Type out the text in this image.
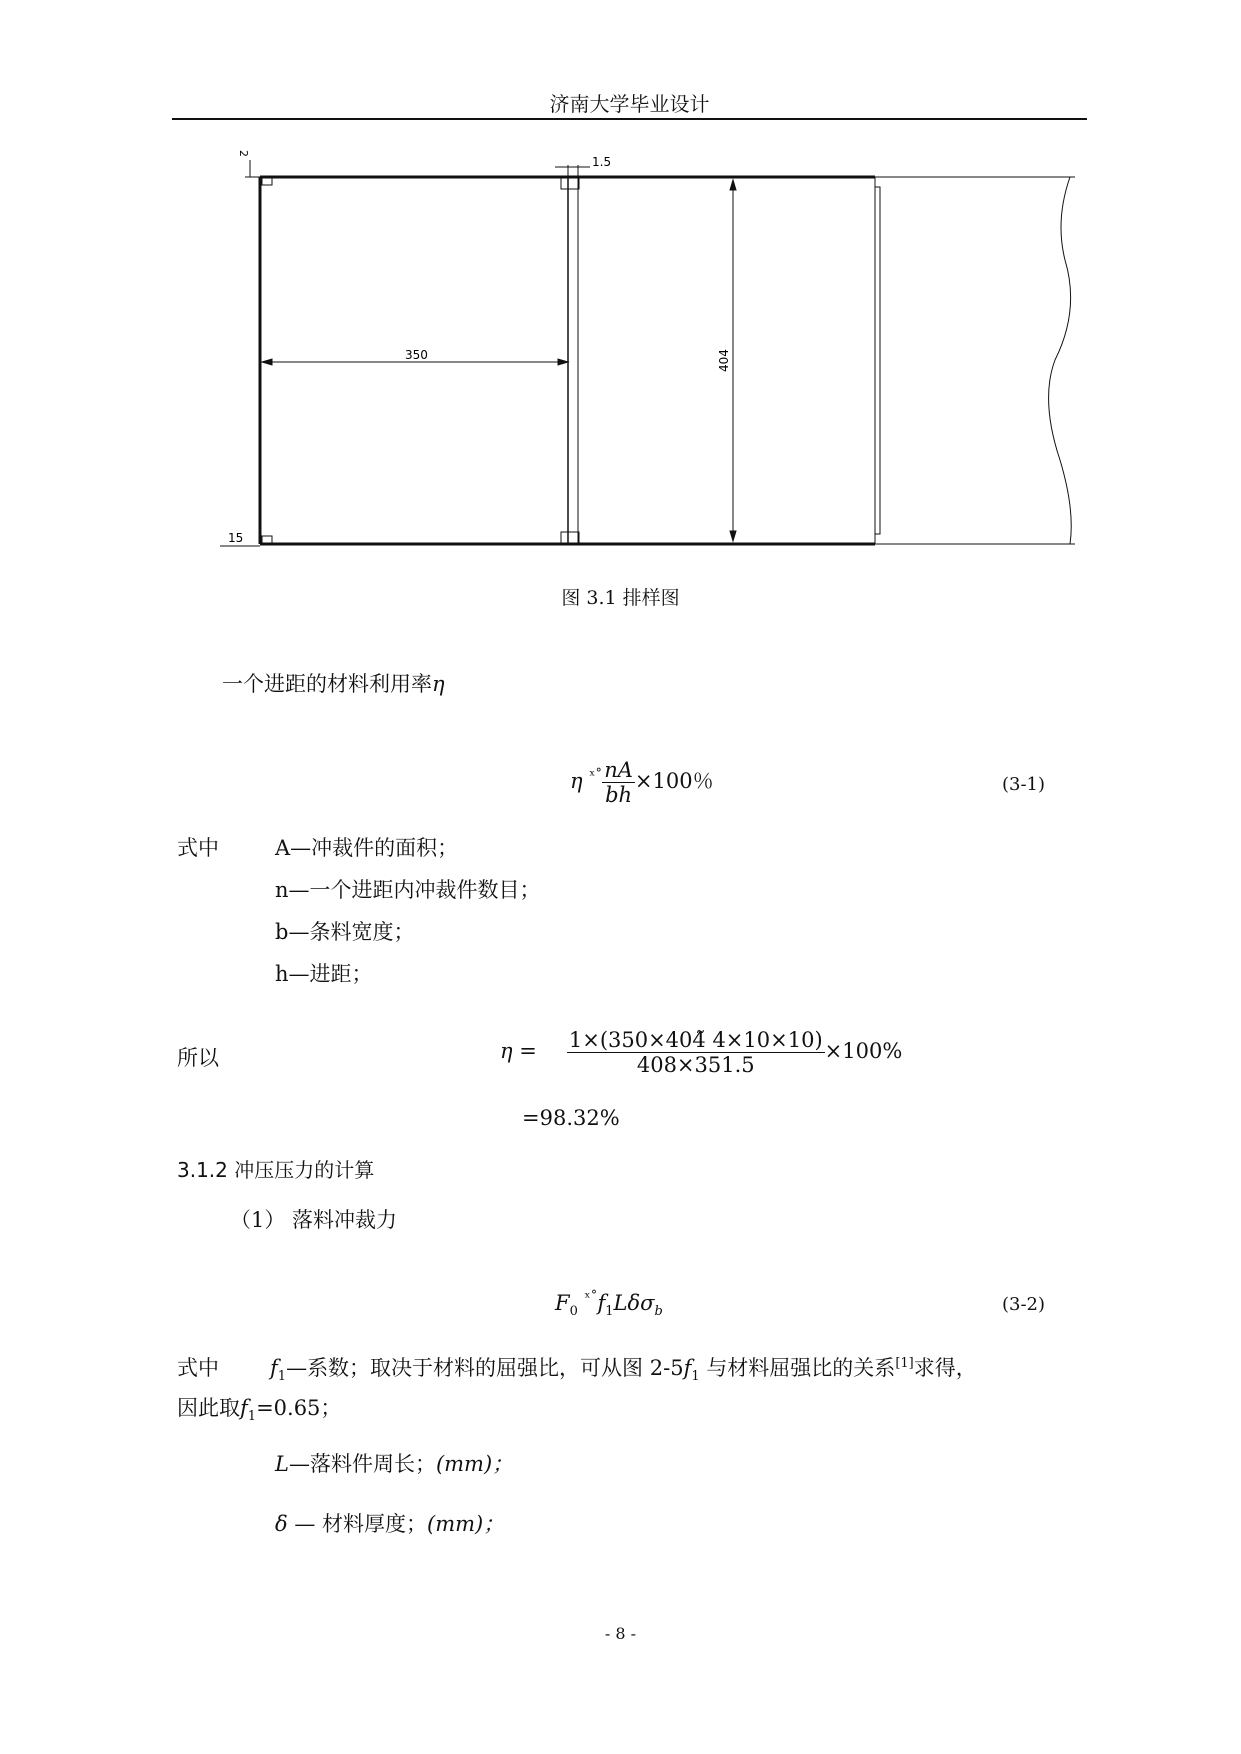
济南大学毕业设计
2
1.5
350	404
15
图 3.1 排样图
一个进距的材料利用率η
η $^{ˣ˚} \frac{nA}{bh} \times 100$％	(3-1)
式中	A—冲裁件的面积；
n—一个进距内冲裁件数目；
b—条料宽度；
h—进距；
所以	$\eta = \frac{1\times(350\times 404̃ 4\times 10\times 10)}{408\times 351.5} \times 100\%$
=98.32%
3.1.2 冲压压力的计算
（1） 落料冲裁力
$F_0$ $^{ˣ˚}f_1L\delta\sigma_b$	(3-2)
式中 $f_1—$系数；取决于材料的屈强比，可从图 $2-5f_1$ 与材料屈强比的关系[1]求得，
因此取$f_1=0.65$；
L—落料件周长；(mm)；
δ — 材料厚度；(mm)；
- 8 -
